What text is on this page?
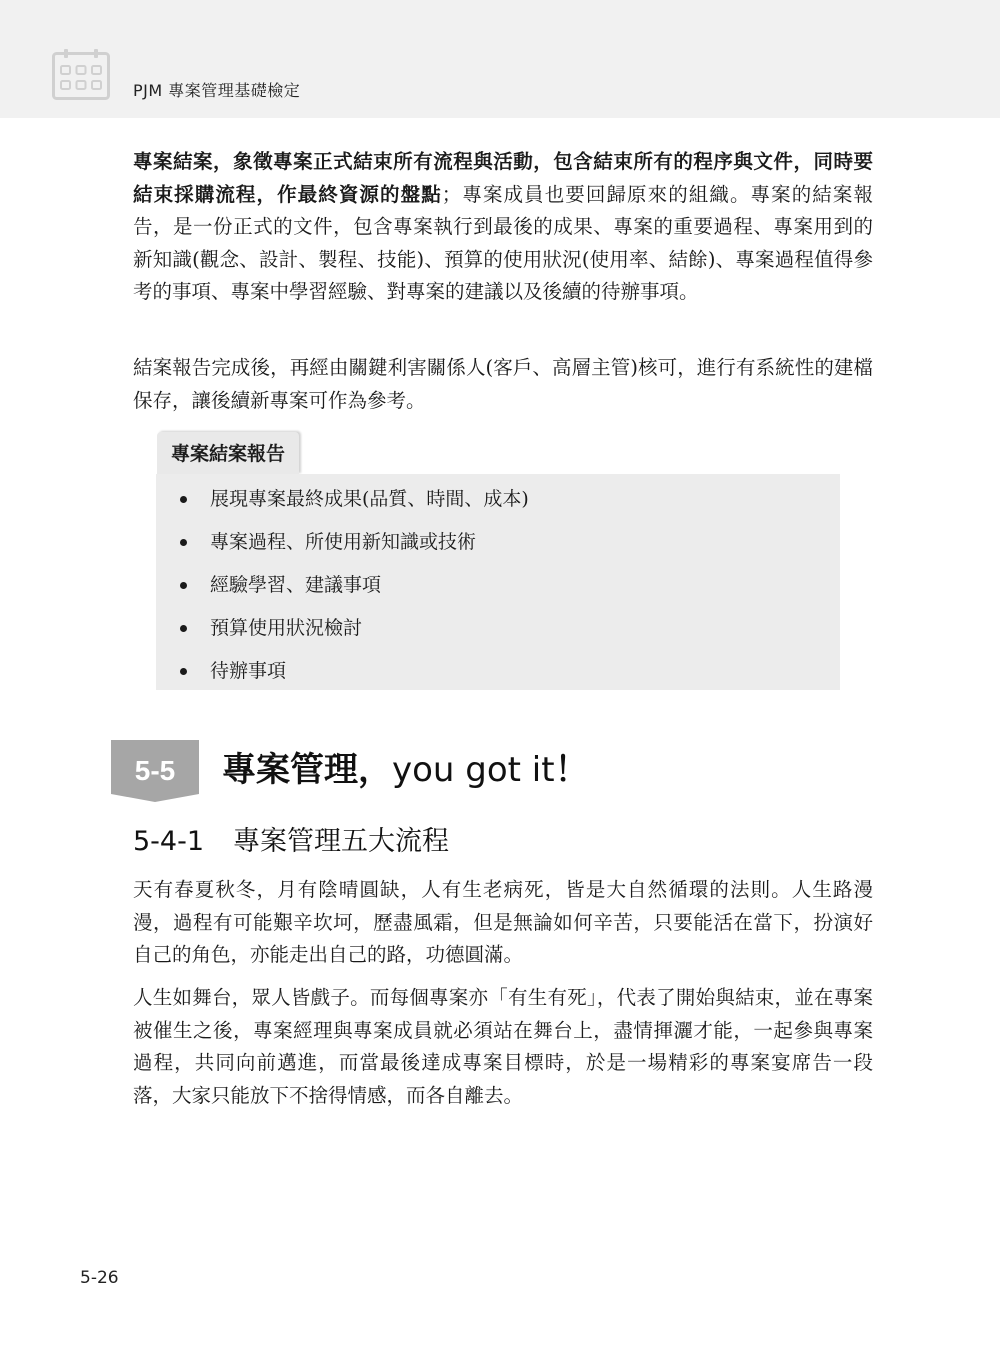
PJM 專案管理基礎檢定

專案結案，象徵專案正式結束所有流程與活動，包含結束所有的程序與文件，同時要結束採購流程，作最終資源的盤點；專案成員也要回歸原來的組織。專案的結案報告，是一份正式的文件，包含專案執行到最後的成果、專案的重要過程、專案用到的新知識(觀念、設計、製程、技能)、預算的使用狀況(使用率、結餘)、專案過程值得參考的事項、專案中學習經驗、對專案的建議以及後續的待辦事項。

結案報告完成後，再經由關鍵利害關係人(客戶、高層主管)核可，進行有系統性的建檔保存，讓後續新專案可作為參考。

專案結案報告
展現專案最終成果(品質、時間、成本)
專案過程、所使用新知識或技術
經驗學習、建議事項
預算使用狀況檢討
待辦事項
5-5 專案管理，you got it！
5-4-1 專案管理五大流程

天有春夏秋冬，月有陰晴圓缺，人有生老病死，皆是大自然循環的法則。人生路漫漫，過程有可能艱辛坎坷，歷盡風霜，但是無論如何辛苦，只要能活在當下，扮演好自己的角色，亦能走出自己的路，功德圓滿。

人生如舞台，眾人皆戲子。而每個專案亦「有生有死」，代表了開始與結束，並在專案被催生之後，專案經理與專案成員就必須站在舞台上，盡情揮灑才能，一起參與專案過程，共同向前邁進，而當最後達成專案目標時，於是一場精彩的專案宴席告一段落，大家只能放下不捨得情感，而各自離去。

5-26
